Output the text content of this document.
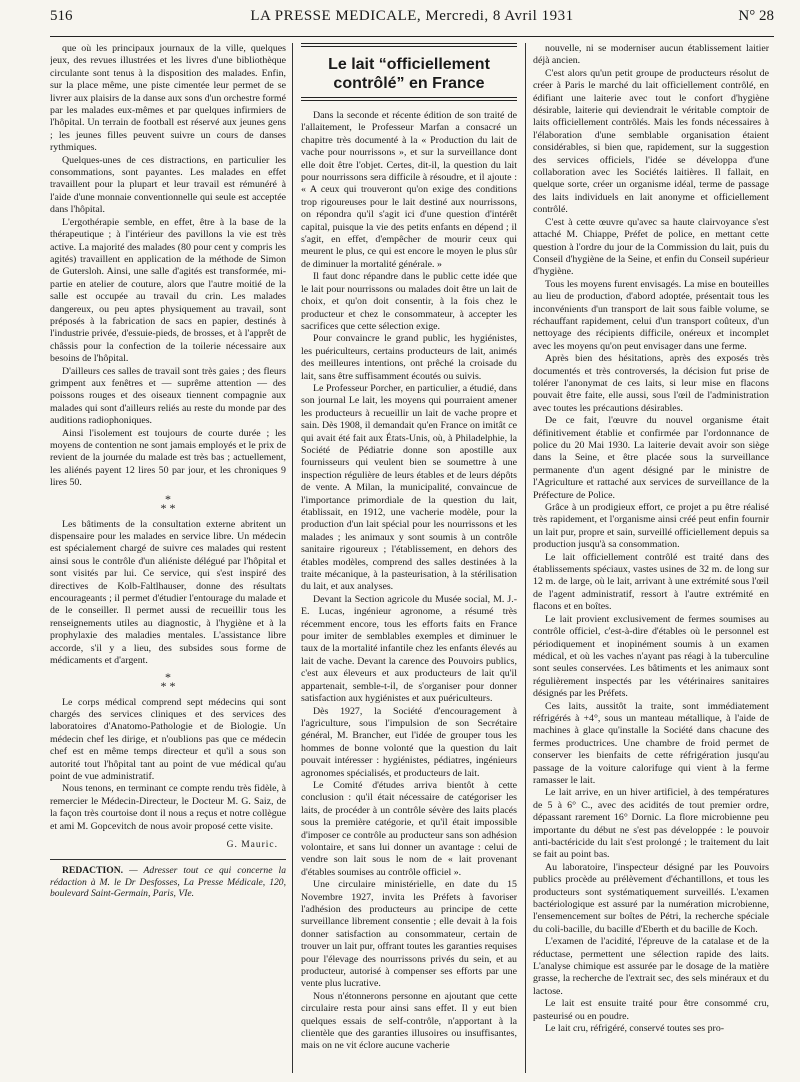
516	LA PRESSE MEDICALE, Mercredi, 8 Avril 1931	N° 28

que où les principaux journaux de la ville, quelques jeux, des revues illustrées et les livres d'une bibliothèque circulante sont tenus à la disposition des malades. Enfin, sur la place même, une piste cimentée leur permet de se livrer aux plaisirs de la danse aux sons d'un orchestre formé par les malades eux-mêmes et par quelques infirmiers de l'hôpital. Un terrain de football est réservé aux jeunes gens ; les jeunes filles peuvent suivre un cours de danses rythmiques.

Quelques-unes de ces distractions, en particulier les consommations, sont payantes. Les malades en effet travaillent pour la plupart et leur travail est rémunéré à l'aide d'une monnaie conventionnelle qui seule est acceptée dans l'hôpital.

L'ergothérapie semble, en effet, être à la base de la thérapeutique ; à l'intérieur des pavillons la vie est très active. La majorité des malades (80 pour cent y compris les agités) travaillent en application de la méthode de Simon de Gutersloh. Ainsi, une salle d'agités est transformée, mi-partie en atelier de couture, alors que l'autre moitié de la salle est occupée au travail du crin. Les malades dangereux, ou peu aptes physiquement au travail, sont préposés à la fabrication de sacs en papier, destinés à l'industrie privée, d'essuie-pieds, de brosses, et à l'apprêt de châssis pour la confection de la toilerie nécessaire aux besoins de l'hôpital.

D'ailleurs ces salles de travail sont très gaies ; des fleurs grimpent aux fenêtres et — suprême attention — des poissons rouges et des oiseaux tiennent compagnie aux malades qui sont d'ailleurs reliés au reste du monde par des auditions radiophoniques.

Ainsi l'isolement est toujours de courte durée ; les moyens de contention ne sont jamais employés et le prix de revient de la journée du malade est très bas ; actuellement, les aliénés payent 12 lires 50 par jour, et les chroniques 9 lires 50.

*
* *

Les bâtiments de la consultation externe abritent un dispensaire pour les malades en service libre. Un médecin est spécialement chargé de suivre ces malades qui restent ainsi sous le contrôle d'un aliéniste délégué par l'hôpital et sont visités par lui. Ce service, qui s'est inspiré des directives de Kolb-Faltlhauser, donne des résultats encourageants ; il permet d'étudier l'entourage du malade et de le conseiller. Il permet aussi de recueillir tous les renseignements utiles au diagnostic, à l'hygiène et à la prophylaxie des maladies mentales. L'assistance libre accorde, s'il y a lieu, des subsides sous forme de médicaments et d'argent.

*
* *

Le corps médical comprend sept médecins qui sont chargés des services cliniques et des services des laboratoires d'Anatomo-Pathologie et de Biologie. Un médecin chef les dirige, et n'oublions pas que ce médecin chef est en même temps directeur et qu'il a sous son autorité tout l'hôpital tant au point de vue médical qu'au point de vue administratif.

Nous tenons, en terminant ce compte rendu très fidèle, à remercier le Médecin-Directeur, le Docteur M. G. Saiz, de la façon très courtoise dont il nous a reçus et notre collègue et ami M. Gopcevitch de nous avoir proposé cette visite.

G. Mauric.

REDACTION. — Adresser tout ce qui concerne la rédaction à M. le Dr Desfosses, La Presse Médicale, 120, boulevard Saint-Germain, Paris, VIe.

Le lait “officiellement contrôlé” en France

Dans la seconde et récente édition de son traité de l'allaitement, le Professeur Marfan a consacré un chapitre très documenté à la « Production du lait de vache pour nourrissons », et sur la surveillance dont elle doit être l'objet. Certes, dit-il, la question du lait pour nourrissons sera difficile à résoudre, et il ajoute : « A ceux qui trouveront qu'on exige des conditions trop rigoureuses pour le lait destiné aux nourrissons, on répondra qu'il s'agit ici d'une question d'intérêt capital, puisque la vie des petits enfants en dépend ; il s'agit, en effet, d'empêcher de mourir ceux qui meurent le plus, ce qui est encore le moyen le plus sûr de diminuer la mortalité générale. »

Il faut donc répandre dans le public cette idée que le lait pour nourrissons ou malades doit être un lait de choix, et qu'on doit consentir, à la fois chez le producteur et chez le consommateur, à accepter les sacrifices que cette sélection exige.

Pour convaincre le grand public, les hygiénistes, les puériculteurs, certains producteurs de lait, animés des meilleures intentions, ont prêché la croisade du lait, sans être suffisamment écoutés ou suivis.

Le Professeur Porcher, en particulier, a étudié, dans son journal Le lait, les moyens qui pourraient amener les producteurs à recueillir un lait de vache propre et sain. Dès 1908, il demandait qu'en France on imitât ce qui avait été fait aux États-Unis, où, à Philadelphie, la Société de Pédiatrie donne son apostille aux fournisseurs qui veulent bien se soumettre à une inspection régulière de leurs étables et de leurs dépôts de vente. A Milan, la municipalité, convaincue de l'importance primordiale de la question du lait, établissait, en 1912, une vacherie modèle, pour la production d'un lait spécial pour les nourrissons et les malades ; les animaux y sont soumis à un contrôle sanitaire rigoureux ; l'établissement, en dehors des étables modèles, comprend des salles destinées à la traite mécanique, à la pasteurisation, à la stérilisation du lait, et aux analyses.

Devant la Section agricole du Musée social, M. J.-E. Lucas, ingénieur agronome, a résumé très récemment encore, tous les efforts faits en France pour imiter de semblables exemples et diminuer le taux de la mortalité infantile chez les enfants élevés au lait de vache. Devant la carence des Pouvoirs publics, c'est aux éleveurs et aux producteurs de lait qu'il appartenait, semble-t-il, de s'organiser pour donner satisfaction aux hygiénistes et aux puériculteurs.

Dès 1927, la Société d'encouragement à l'agriculture, sous l'impulsion de son Secrétaire général, M. Brancher, eut l'idée de grouper tous les hommes de bonne volonté que la question du lait pouvait intéresser : hygiénistes, pédiatres, ingénieurs agronomes spécialisés, et producteurs de lait.

Le Comité d'études arriva bientôt à cette conclusion : qu'il était nécessaire de catégoriser les laits, de procéder à un contrôle sévère des laits placés sous la première catégorie, et qu'il était impossible d'imposer ce contrôle au producteur sans son adhésion volontaire, et sans lui donner un avantage : celui de vendre son lait sous le nom de « lait provenant d'étables soumises au contrôle officiel ».

Une circulaire ministérielle, en date du 15 Novembre 1927, invita les Préfets à favoriser l'adhésion des producteurs au principe de cette surveillance librement consentie ; elle devait à la fois donner satisfaction au consommateur, certain de trouver un lait pur, offrant toutes les garanties requises pour l'élevage des nourrissons privés du sein, et au producteur, autorisé à compenser ses efforts par une vente plus lucrative.

Nous n'étonnerons personne en ajoutant que cette circulaire resta pour ainsi sans effet. Il y eut bien quelques essais de self-contrôle, n'apportant à la clientèle que des garanties illusoires ou insuffisantes, mais on ne vit éclore aucune vacherie

nouvelle, ni se moderniser aucun établissement laitier déjà ancien.

C'est alors qu'un petit groupe de producteurs résolut de créer à Paris le marché du lait officiellement contrôlé, en édifiant une laiterie avec tout le confort d'hygiène désirable, laiterie qui deviendrait le véritable comptoir de laits officiellement contrôlés. Mais les fonds nécessaires à l'élaboration d'une semblable organisation étaient considérables, si bien que, rapidement, sur la suggestion des services officiels, l'idée se développa d'une collaboration avec les Sociétés laitières. Il fallait, en quelque sorte, créer un organisme idéal, terme de passage des laits individuels en lait anonyme et officiellement contrôlé.

C'est à cette œuvre qu'avec sa haute clairvoyance s'est attaché M. Chiappe, Préfet de police, en mettant cette question à l'ordre du jour de la Commission du lait, puis du Conseil d'hygiène de la Seine, et enfin du Conseil supérieur d'hygiène.

Tous les moyens furent envisagés. La mise en bouteilles au lieu de production, d'abord adoptée, présentait tous les inconvénients d'un transport de lait sous faible volume, se réchauffant rapidement, celui d'un transport coûteux, d'un nettoyage des récipients difficile, onéreux et incomplet avec les moyens qu'on peut envisager dans une ferme.

Après bien des hésitations, après des exposés très documentés et très controversés, la décision fut prise de tolérer l'anonymat de ces laits, si leur mise en flacons pouvait être faite, elle aussi, sous l'œil de l'administration avec toutes les précautions désirables.

De ce fait, l'œuvre du nouvel organisme était définitivement établie et confirmée par l'ordonnance de police du 20 Mai 1930. La laiterie devait avoir son siège dans la Seine, et être placée sous la surveillance permanente d'un agent désigné par le ministre de l'Agriculture et rattaché aux services de surveillance de la Préfecture de Police.

Grâce à un prodigieux effort, ce projet a pu être réalisé très rapidement, et l'organisme ainsi créé peut enfin fournir un lait pur, propre et sain, surveillé officiellement depuis sa production jusqu'à sa consommation.

Le lait officiellement contrôlé est traité dans des établissements spéciaux, vastes usines de 32 m. de long sur 12 m. de large, où le lait, arrivant à une extrémité sous l'œil de l'agent administratif, ressort à l'autre extrémité en flacons et en boîtes.

Le lait provient exclusivement de fermes soumises au contrôle officiel, c'est-à-dire d'étables où le personnel est périodiquement et inopinément soumis à un examen médical, et où les vaches n'ayant pas réagi à la tuberculine sont seules conservées. Les bâtiments et les animaux sont régulièrement inspectés par les vétérinaires sanitaires désignés par les Préfets.

Ces laits, aussitôt la traite, sont immédiatement réfrigérés à +4°, sous un manteau métallique, à l'aide de machines à glace qu'installe la Société dans chacune des fermes productrices. Une chambre de froid permet de conserver les bienfaits de cette réfrigération jusqu'au passage de la voiture calorifuge qui vient à la ferme ramasser le lait.

Le lait arrive, en un hiver artificiel, à des températures de 5 à 6° C., avec des acidités de tout premier ordre, dépassant rarement 16° Dornic. La flore microbienne peu importante du début ne s'est pas développée : le pouvoir anti-bactéricide du lait s'est prolongé ; le traitement du lait se fait au point bas.

Au laboratoire, l'inspecteur désigné par les Pouvoirs publics procède au prélèvement d'échantillons, et tous les producteurs sont systématiquement surveillés. L'examen bactériologique est assuré par la numération microbienne, l'ensemencement sur boîtes de Pétri, la recherche spéciale du coli-bacille, du bacille d'Eberth et du bacille de Koch.

L'examen de l'acidité, l'épreuve de la catalase et de la réductase, permettent une sélection rapide des laits. L'analyse chimique est assurée par le dosage de la matière grasse, la recherche de l'extrait sec, des sels minéraux et du lactose.

Le lait est ensuite traité pour être consommé cru, pasteurisé ou en poudre.

Le lait cru, réfrigéré, conservé toutes ses pro-
